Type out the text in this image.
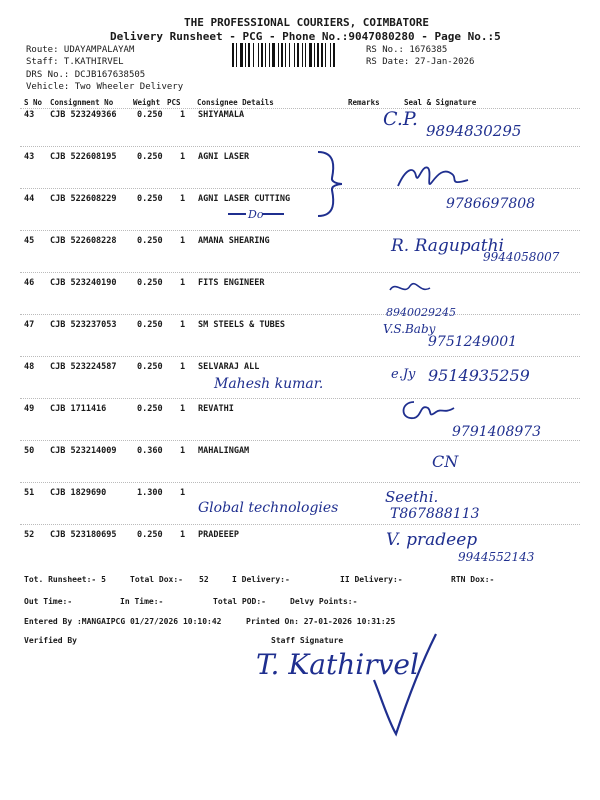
THE PROFESSIONAL COURIERS, COIMBATORE
Delivery Runsheet - PCG - Phone No.:9047080280 - Page No.:5
Route: UDAYAMPALAYAM
Staff: T.KATHIRVEL
DRS No.: DCJB167638505
Vehicle: Two Wheeler Delivery
RS No.: 1676385
RS Date: 27-Jan-2026
S No Consignment No	Weight PCS Consignee Details	Remarks	Seal & Signature
43 CJB 523249366 0.250 1 SHIYAMALA
43 CJB 522608195 0.250 1 AGNI LASER
44 CJB 522608229 0.250 1 AGNI LASER CUTTING
45 CJB 522608228 0.250 1 AMANA SHEARING
46 CJB 523240190 0.250 1 FITS ENGINEER
47 CJB 523237053 0.250 1 SM STEELS & TUBES
48 CJB 523224587 0.250 1 SELVARAJ ALL
49 CJB 1711416	0.250 1 REVATHI
50 CJB 523214009 0.360 1 MAHALINGAM
51 CJB 1829690	1.300 1
52 CJB 523180695 0.250 1 PRADEEEP
C.P.
9894830295
Do
9786697808
R. Ragupathi
9944058007
8940029245
V.S.Baby
9751249001
Mahesh kumar.
e.Jy 9514935259
9791408973
CN
Global technologies
Seethi.
T867888113
V. pradeep
9944552143
Tot. Runsheet:- 5	Total Dox:- 52	I Delivery:-	II Delivery:-	RTN Dox:-
Out Time:-	In Time:-	Total POD:-	Delvy Points:-
Entered By :MANGAIPCG 01/27/2026 10:10:42	Printed On: 27-01-2026 10:31:25
Verified By	Staff Signature
T. Kathirvel
